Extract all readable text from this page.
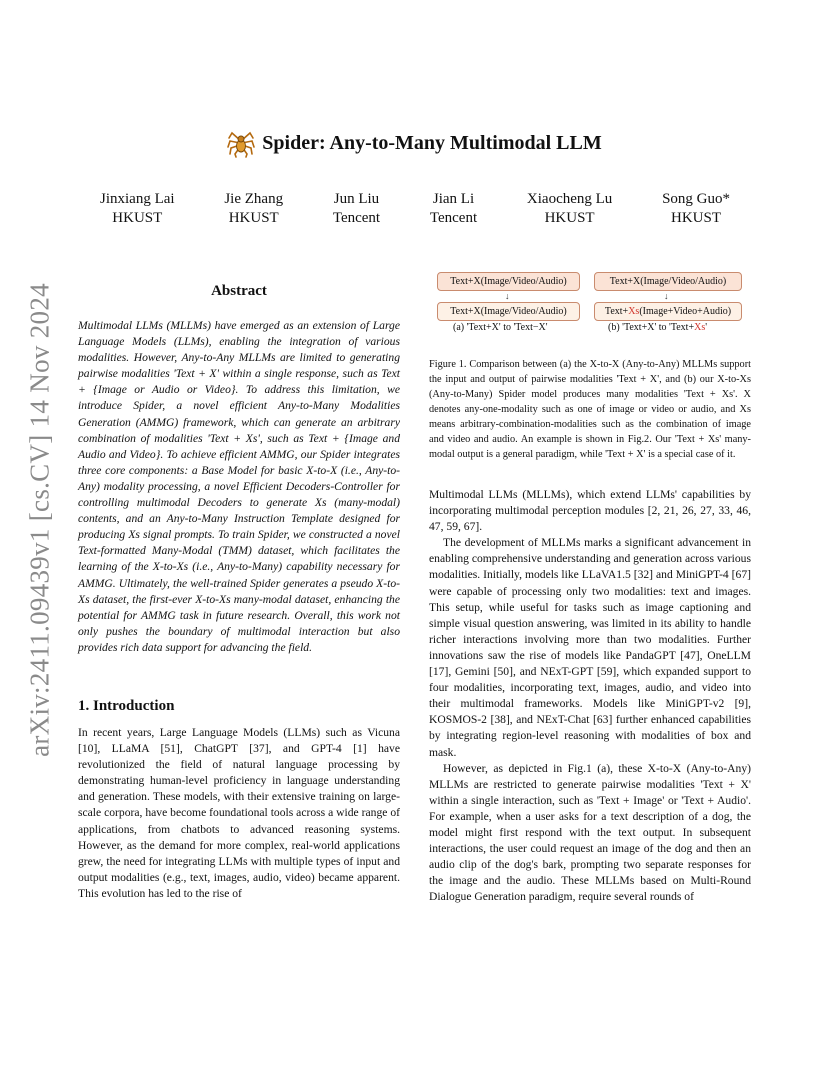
arXiv:2411.09439v1 [cs.CV] 14 Nov 2024
Spider: Any-to-Many Multimodal LLM
Jinxiang Lai
HKUST
Jie Zhang
HKUST
Jun Liu
Tencent
Jian Li
Tencent
Xiaocheng Lu
HKUST
Song Guo*
HKUST
Abstract

Multimodal LLMs (MLLMs) have emerged as an extension of Large Language Models (LLMs), enabling the integration of various modalities. However, Any-to-Any MLLMs are limited to generating pairwise modalities 'Text + X' within a single response, such as Text + {Image or Audio or Video}. To address this limitation, we introduce Spider, a novel efficient Any-to-Many Modalities Generation (AMMG) framework, which can generate an arbitrary combination of modalities 'Text + Xs', such as Text + {Image and Audio and Video}. To achieve efficient AMMG, our Spider integrates three core components: a Base Model for basic X-to-X (i.e., Any-to-Any) modality processing, a novel Efficient Decoders-Controller for controlling multimodal Decoders to generate Xs (many-modal) contents, and an Any-to-Many Instruction Template designed for producing Xs signal prompts. To train Spider, we constructed a novel Text-formatted Many-Modal (TMM) dataset, which facilitates the learning of the X-to-Xs (i.e., Any-to-Many) capability necessary for AMMG. Ultimately, the well-trained Spider generates a pseudo X-to-Xs dataset, the first-ever X-to-Xs many-modal dataset, enhancing the potential for AMMG task in future research. Overall, this work not only pushes the boundary of multimodal interaction but also provides rich data support for advancing the field.

1. Introduction

In recent years, Large Language Models (LLMs) such as Vicuna [10], LLaMA [51], ChatGPT [37], and GPT-4 [1] have revolutionized the field of natural language processing by demonstrating human-level proficiency in language understanding and generation. These models, with their extensive training on large-scale corpora, have become foundational tools across a wide range of applications, from chatbots to advanced reasoning systems. However, as the demand for more complex, real-world applications grew, the need for integrating LLMs with multiple types of input and output modalities (e.g., text, images, audio, video) became apparent. This evolution has led to the rise of

Text+X(Image/Video/Audio)
↓
Text+X(Image/Video/Audio)
(a) 'Text+X' to 'Text−X'
Text+X(Image/Video/Audio)
↓
Text+Xs(Image+Video+Audio)
(b) 'Text+X' to 'Text+Xs'

Figure 1. Comparison between (a) the X-to-X (Any-to-Any) MLLMs support the input and output of pairwise modalities 'Text + X', and (b) our X-to-Xs (Any-to-Many) Spider model produces many modalities 'Text + Xs'. X denotes any-one-modality such as one of image or video or audio, and Xs means arbitrary-combination-modalities such as the combination of image and video and audio. An example is shown in Fig.2. Our 'Text + Xs' many-modal output is a general paradigm, while 'Text + X' is a special case of it.

Multimodal LLMs (MLLMs), which extend LLMs' capabilities by incorporating multimodal perception modules [2, 21, 26, 27, 33, 46, 47, 59, 67].

The development of MLLMs marks a significant advancement in enabling comprehensive understanding and generation across various modalities. Initially, models like LLaVA1.5 [32] and MiniGPT-4 [67] were capable of processing only two modalities: text and images. This setup, while useful for tasks such as image captioning and simple visual question answering, was limited in its ability to handle richer interactions involving more than two modalities. Further innovations saw the rise of models like PandaGPT [47], OneLLM [17], Gemini [50], and NExT-GPT [59], which expanded support to four modalities, incorporating text, images, audio, and video into their multimodal frameworks. Models like MiniGPT-v2 [9], KOSMOS-2 [38], and NExT-Chat [63] further enhanced capabilities by integrating region-level reasoning with modalities of box and mask.

However, as depicted in Fig.1 (a), these X-to-X (Any-to-Any) MLLMs are restricted to generate pairwise modalities 'Text + X' within a single interaction, such as 'Text + Image' or 'Text + Audio'. For example, when a user asks for a text description of a dog, the model might first respond with the text output. In subsequent interactions, the user could request an image of the dog and then an audio clip of the dog's bark, prompting two separate responses for the image and the audio. These MLLMs based on Multi-Round Dialogue Generation paradigm, require several rounds of
